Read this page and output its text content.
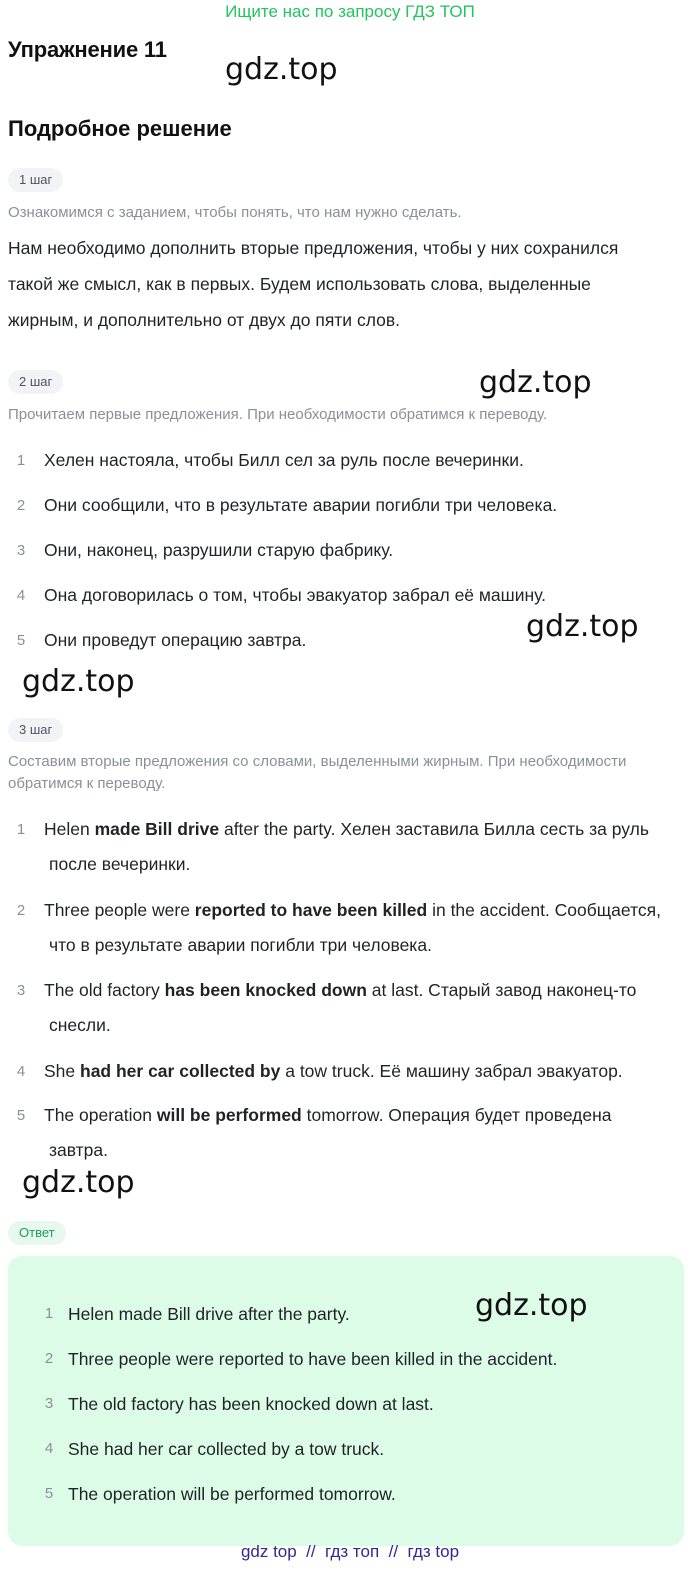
Ищите нас по запросу ГДЗ ТОП
Упражнение 11
gdz.top
Подробное решение
1 шаг
Ознакомимся с заданием, чтобы понять, что нам нужно сделать.
Нам необходимо дополнить вторые предложения, чтобы у них сохранился
такой же смысл, как в первых. Будем использовать слова, выделенные
жирным, и дополнительно от двух до пяти слов.
2 шаг	gdz.top
Прочитаем первые предложения. При необходимости обратимся к переводу.
1	Хелен настояла, чтобы Билл сел за руль после вечеринки.
2	Они сообщили, что в результате аварии погибли три человека.
3	Они, наконец, разрушили старую фабрику.
4	Она договорилась о том, чтобы эвакуатор забрал её машину.
5	Они проведут операцию завтра.	gdz.top
gdz.top
3 шаг
Составим вторые предложения со словами, выделенными жирным. При необходимости
обратимся к переводу.
1	Helen made Bill drive after the party. Хелен заставила Билла сесть за руль
после вечеринки.
2	Three people were reported to have been killed in the accident. Сообщается,
что в результате аварии погибли три человека.
3	The old factory has been knocked down at last. Старый завод наконец-то
снесли.
4	She had her car collected by a tow truck. Её машину забрал эвакуатор.
5	The operation will be performed tomorrow. Операция будет проведена
завтра.
gdz.top
Ответ
gdz.top
1 Helen made Bill drive after the party.
2 Three people were reported to have been killed in the accident.
3 The old factory has been knocked down at last.
4 She had her car collected by a tow truck.
5 The operation will be performed tomorrow.
gdz top  //  гдз топ  //  гдз top
